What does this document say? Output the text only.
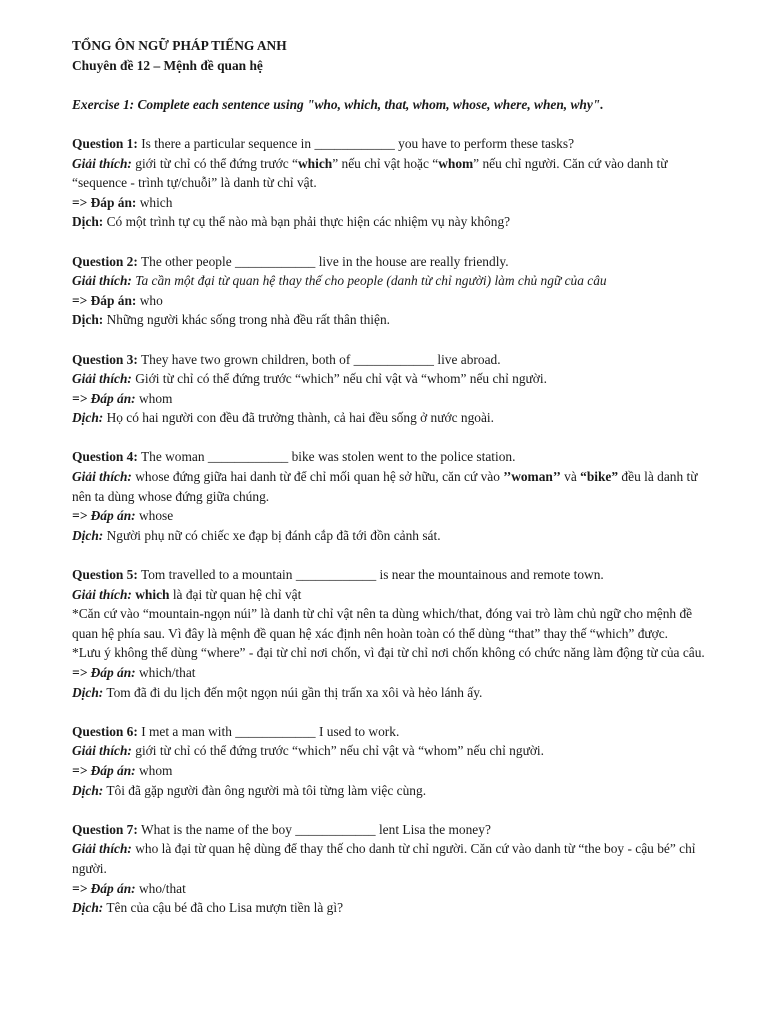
TỔNG ÔN NGỮ PHÁP TIẾNG ANH
Chuyên đề 12 – Mệnh đề quan hệ
Exercise 1: Complete each sentence using "who, which, that, whom, whose, where, when, why".
Question 1: Is there a particular sequence in ____________ you have to perform these tasks?
Giải thích: giới từ chỉ có thể đứng trước “which” nếu chỉ vật hoặc “whom” nếu chỉ người. Căn cứ vào danh từ “sequence - trình tự/chuỗi” là danh từ chỉ vật.
=> Đáp án: which
Dịch: Có một trình tự cụ thể nào mà bạn phải thực hiện các nhiệm vụ này không?
Question 2: The other people ____________ live in the house are really friendly.
Giải thích: Ta cần một đại từ quan hệ thay thế cho people (danh từ chỉ người) làm chủ ngữ của câu
=> Đáp án: who
Dịch: Những người khác sống trong nhà đều rất thân thiện.
Question 3: They have two grown children, both of ____________ live abroad.
Giải thích: Giới từ chỉ có thể đứng trước “which” nếu chỉ vật và “whom” nếu chỉ người.
=> Đáp án: whom
Dịch: Họ có hai người con đều đã trưởng thành, cả hai đều sống ở nước ngoài.
Question 4: The woman ____________ bike was stolen went to the police station.
Giải thích: whose đứng giữa hai danh từ để chỉ mối quan hệ sở hữu, căn cứ vào ’’woman’’ và “bike” đều là danh từ nên ta dùng whose đứng giữa chúng.
=> Đáp án: whose
Dịch: Người phụ nữ có chiếc xe đạp bị đánh cắp đã tới đồn cảnh sát.
Question 5: Tom travelled to a mountain ____________ is near the mountainous and remote town.
Giải thích: which là đại từ quan hệ chỉ vật
*Căn cứ vào “mountain-ngọn núi” là danh từ chỉ vật nên ta dùng which/that, đóng vai trò làm chủ ngữ cho mệnh đề quan hệ phía sau. Vì đây là mệnh đề quan hệ xác định nên hoàn toàn có thể dùng “that” thay thế “which” được.
*Lưu ý không thể dùng “where” - đại từ chỉ nơi chốn, vì đại từ chỉ nơi chốn không có chức năng làm động từ của câu.
=> Đáp án: which/that
Dịch: Tom đã đi du lịch đến một ngọn núi gần thị trấn xa xôi và hẻo lánh ấy.
Question 6: I met a man with ____________ I used to work.
Giải thích: giới từ chỉ có thể đứng trước “which” nếu chỉ vật và “whom” nếu chỉ người.
=> Đáp án: whom
Dịch: Tôi đã gặp người đàn ông người mà tôi từng làm việc cùng.
Question 7: What is the name of the boy ____________ lent Lisa the money?
Giải thích: who là đại từ quan hệ dùng để thay thế cho danh từ chỉ người. Căn cứ vào danh từ “the boy - cậu bé” chỉ người.
=> Đáp án: who/that
Dịch: Tên của cậu bé đã cho Lisa mượn tiền là gì?
